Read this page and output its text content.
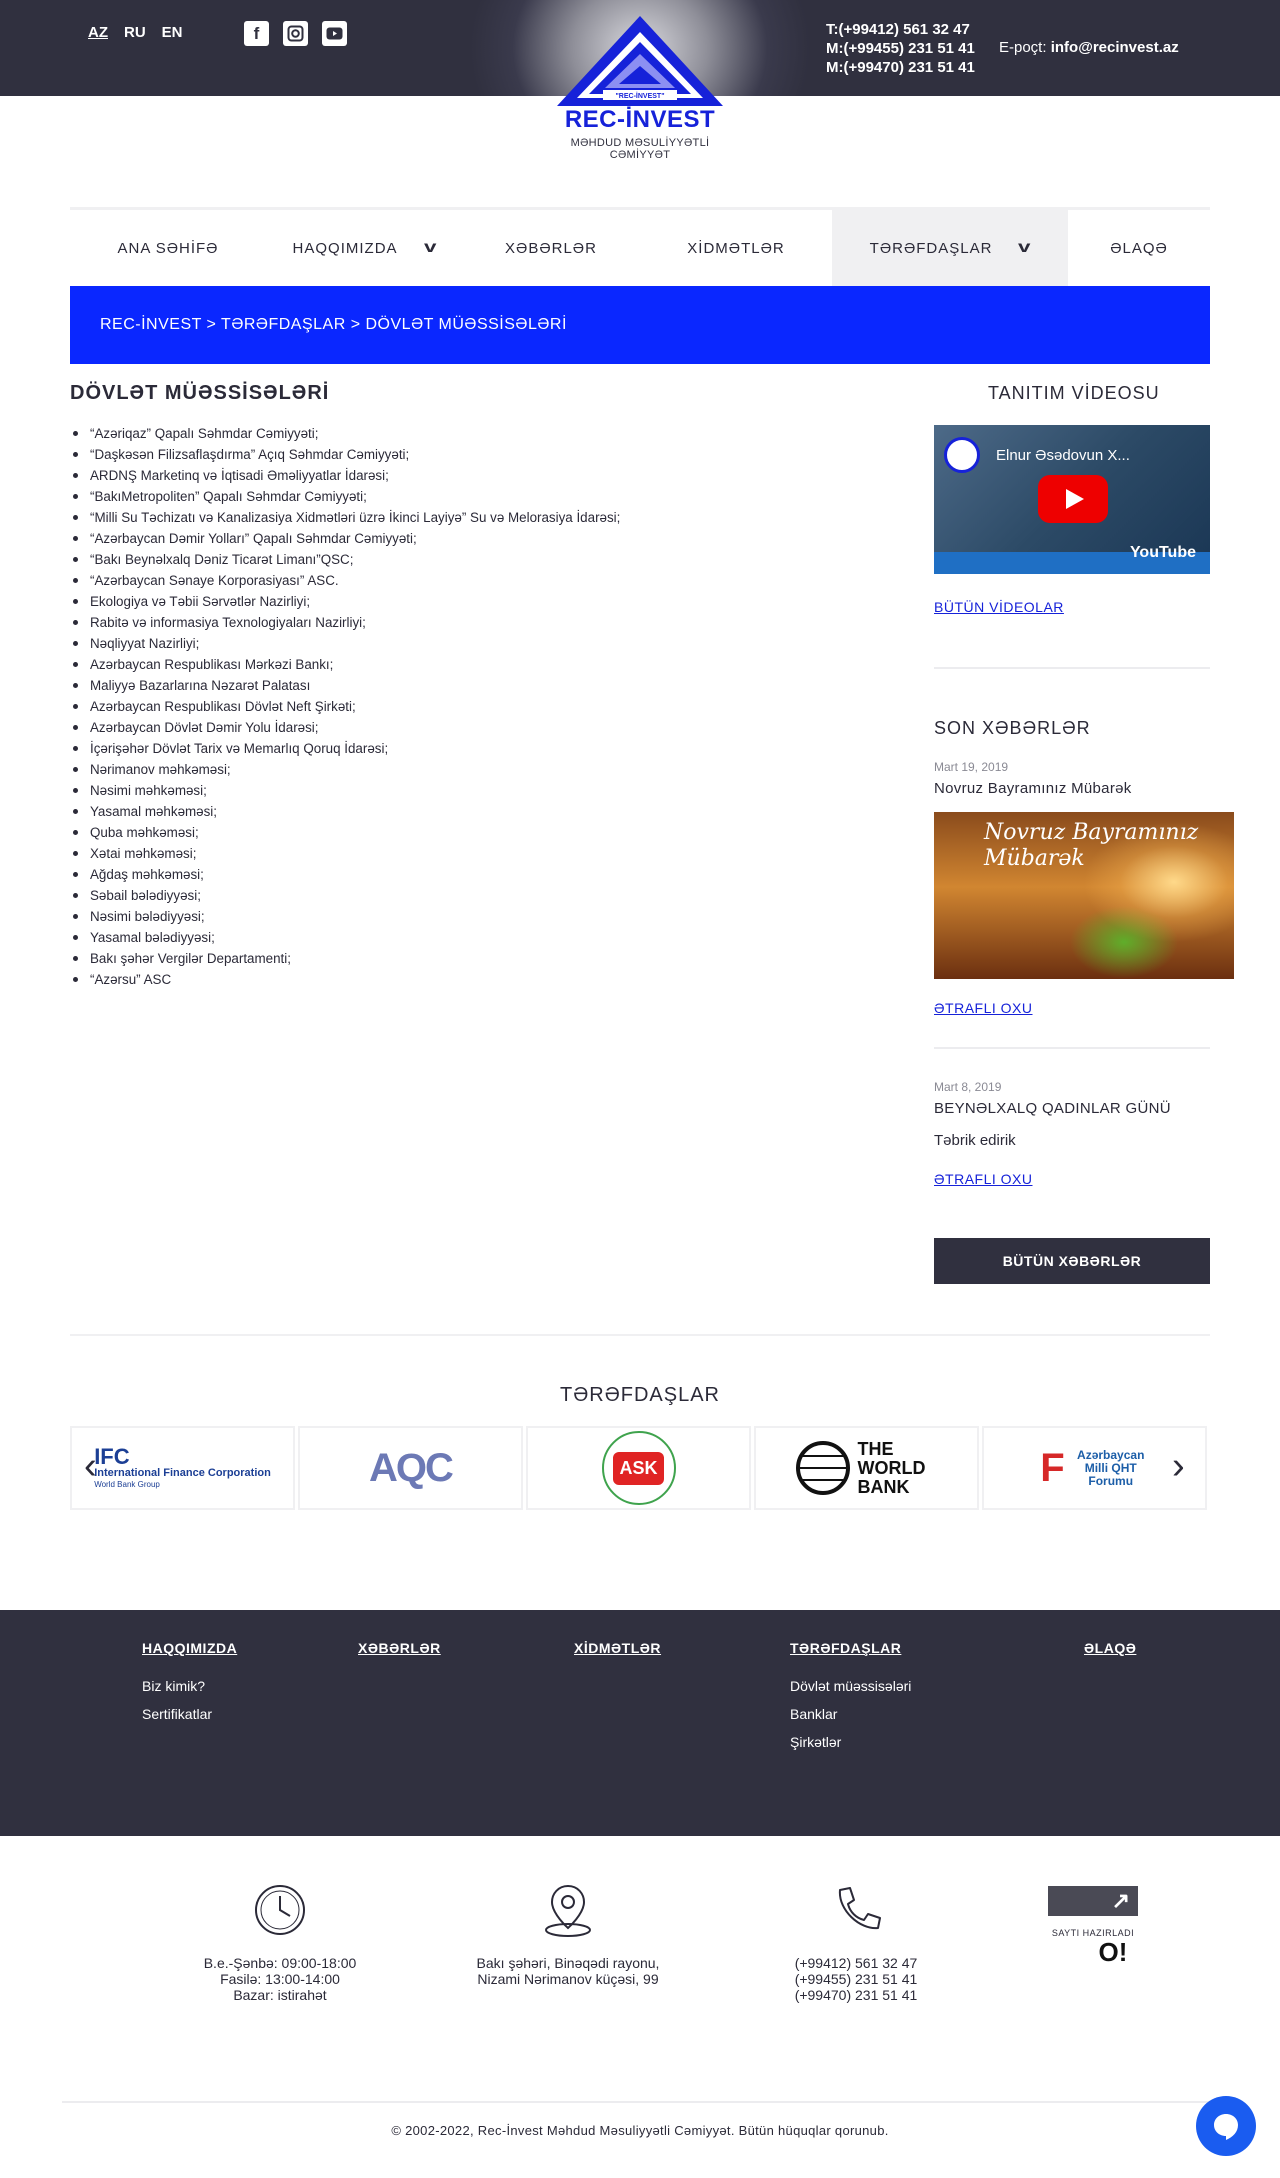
AZ RU EN	f	T:(+99412) 561 32 47
M:(+99455) 231 51 41
M:(+99470) 231 51 41
E-poçt: info@recinvest.az
"REC-İNVEST"
REC-İNVEST
MƏHDUD MƏSULİYYƏTLİ CƏMİYYƏT
ANA SƏHİFƏ	HAQQIMIZDA v	XƏBƏRLƏR	XİDMƏTLƏR	TƏRƏFDAŞLAR v	ƏLAQƏ
REC-İNVEST > TƏRƏFDAŞLAR > DÖVLƏT MÜƏSSİSƏLƏRİ
DÖVLƏT MÜƏSSİSƏLƏRİ
“Azəriqaz” Qapalı Səhmdar Cəmiyyəti;
“Daşkəsən Filizsaflaşdırma” Açıq Səhmdar Cəmiyyəti;
ARDNŞ Marketinq və İqtisadi Əməliyyatlar İdarəsi;
“BakıMetropoliten” Qapalı Səhmdar Cəmiyyəti;
“Milli Su Təchizatı və Kanalizasiya Xidmətləri üzrə İkinci Layiyə” Su və Melorasiya İdarəsi;
“Azərbaycan Dəmir Yolları” Qapalı Səhmdar Cəmiyyəti;
“Bakı Beynəlxalq Dəniz Ticarət Limanı”QSC;
“Azərbaycan Sənaye Korporasiyası” ASC.
Ekologiya və Təbii Sərvətlər Nazirliyi;
Rabitə və informasiya Texnologiyaları Nazirliyi;
Nəqliyyat Nazirliyi;
Azərbaycan Respublikası Mərkəzi Bankı;
Maliyyə Bazarlarına Nəzarət Palatası
Azərbaycan Respublikası Dövlət Neft Şirkəti;
Azərbaycan Dövlət Dəmir Yolu İdarəsi;
İçərişəhər Dövlət Tarix və Memarlıq Qoruq İdarəsi;
Nərimanov məhkəməsi;
Nəsimi məhkəməsi;
Yasamal məhkəməsi;
Quba məhkəməsi;
Xətai məhkəməsi;
Ağdaş məhkəməsi;
Səbail bələdiyyəsi;
Nəsimi bələdiyyəsi;
Yasamal bələdiyyəsi;
Bakı şəhər Vergilər Departamenti;
“Azərsu” ASC
TANITIM VİDEOSU
Elnur Əsədovun X...
YouTube
BÜTÜN VİDEOLAR
SON XƏBƏRLƏR
Mart 19, 2019
Novruz Bayramınız Mübarək
Novruz Bayramınız Mübarək
ƏTRAFLI OXU
Mart 8, 2019
BEYNƏLXALQ QADINLAR GÜNÜ
Təbrik edirik
ƏTRAFLI OXU
BÜTÜN XƏBƏRLƏR
TƏRƏFDAŞLAR
IFC
International Finance Corporation
World Bank Group	AQC	ASK
THE WORLD BANK	F	Azərbaycan Milli QHT Forumu
‹	›
HAQQIMIZDA
Biz kimik?
Sertifikatlar
XƏBƏRLƏR	XİDMƏTLƏR	TƏRƏFDAŞLAR
Dövlət müəssisələri
Banklar
Şirkətlər
ƏLAQƏ
B.e.-Şənbə: 09:00-18:00
Fasilə: 13:00-14:00
Bazar: istirahət
Bakı şəhəri, Binəqədi rayonu,
Nizami Nərimanov küçəsi, 99
(+99412) 561 32 47
(+99455) 231 51 41
(+99470) 231 51 41
↗
SAYTI HAZIRLADI
O!
© 2002-2022, Rec-İnvest Məhdud Məsuliyyətli Cəmiyyət. Bütün hüquqlar qorunub.
